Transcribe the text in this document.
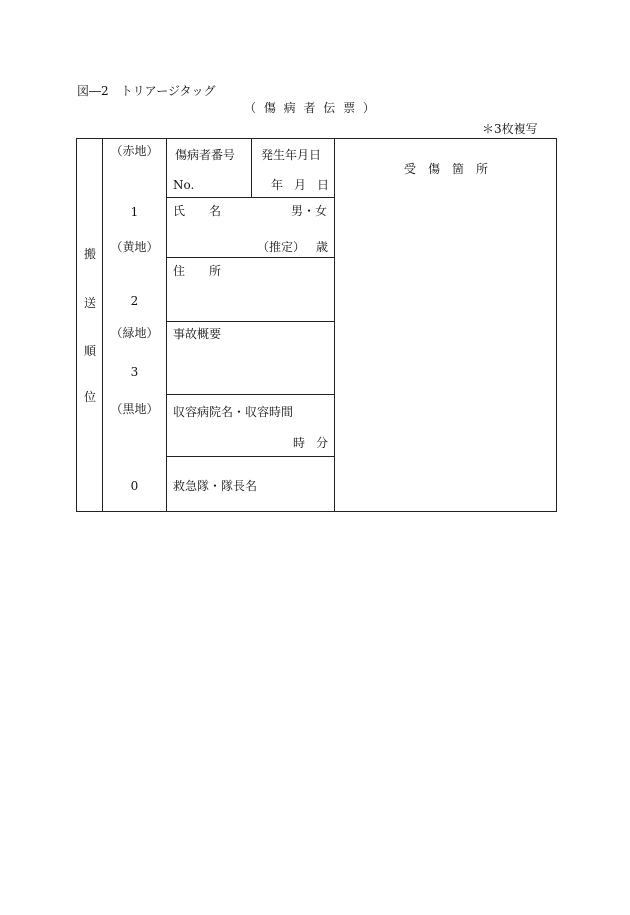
図―2　トリアージタッグ
（ 傷 病 者 伝 票 ）
＊3枚複写
搬
送
順
位
（赤地）
1
（黄地）
2
（緑地）
3
（黒地）
0
傷病者番号
No.
発生年月日
年 月 日
氏　　名	男・女
（推定） 歳
住　　所
事故概要
収容病院名・収容時間
時 分
救急隊・隊長名
受　傷　箇　所
